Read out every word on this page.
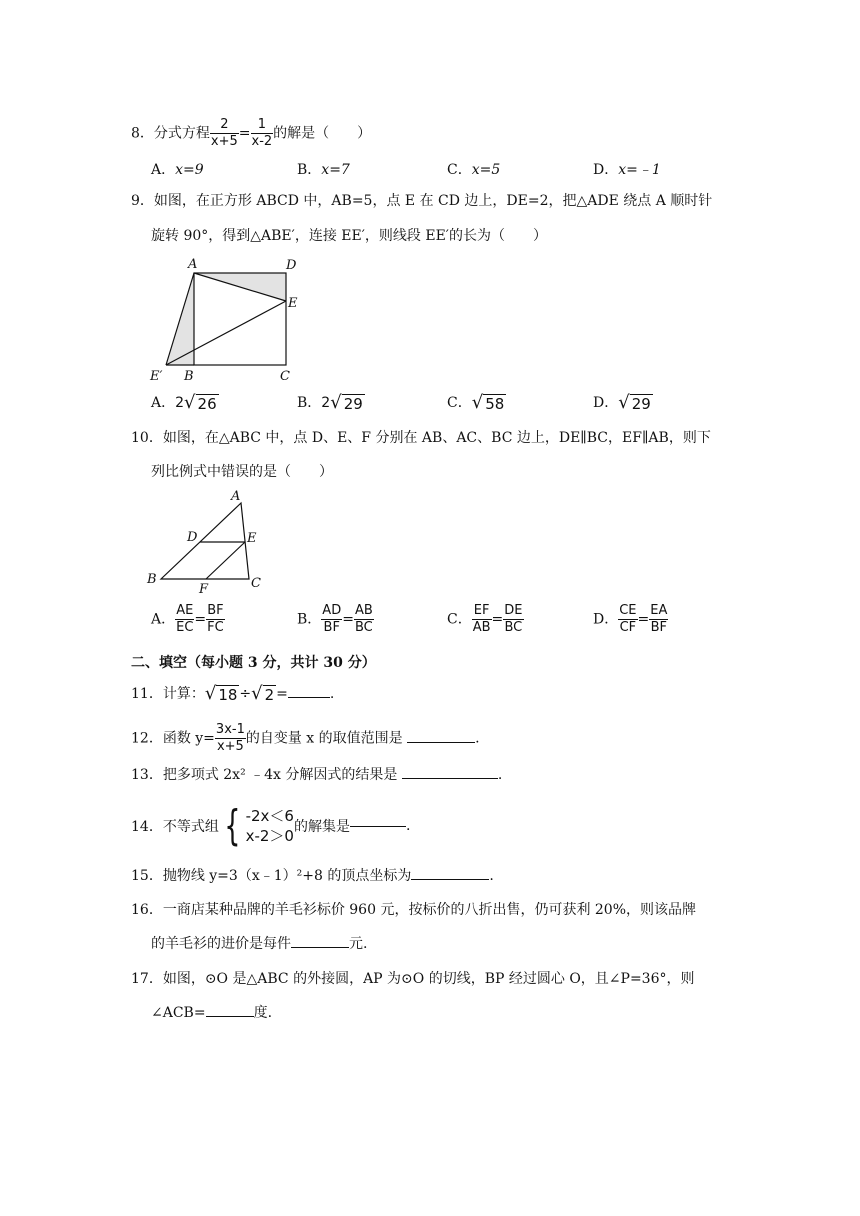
8．分式方程 $\frac{2}{x+5} = \frac{1}{x-2}$ 的解是（　　）
A．x=9	B．x=7	C．x=5	D．x=﹣1
9．如图，在正方形 ABCD 中，AB=5，点 E 在 CD 边上，DE=2，把△ADE 绕点 A 顺时针
旋转 90°，得到△ABE′，连接 EE′，则线段 EE′的长为（　　）
A	D
E
E′ B	C
A．2 √ 26	B．2 √ 29	C． √ 58	D． √ 29
10．如图，在△ABC 中，点 D、E、F 分别在 AB、AC、BC 边上，DE∥BC，EF∥AB，则下
列比例式中错误的是（　　）
A
D	E
B
F	C
A． $\frac{AE}{EC} = \frac{BF}{FC}$	B． $\frac{AD}{BF} = \frac{AB}{BC}$	C． $\frac{EF}{AB} = \frac{DE}{BC}$	D． $\frac{CE}{CF} = \frac{EA}{BF}$
二、填空（每小题 3 分，共计 30 分）
11．计算： √ 18 ÷ √ 2 =	.
12．函数 $y= \frac{3x-1}{x+5}$ 的自变量 x 的取值范围是	.
13．把多项式 2x² ﹣4x 分解因式的结果是	.
14． 不等式组 { -2x＜6
x-2＞0 的解集是	.
15．抛物线 y=3（x﹣1）²+8 的顶点坐标为	.
16．一商店某种品牌的羊毛衫标价 960 元，按标价的八折出售，仍可获利 20%，则该品牌
的羊毛衫的进价是每件	元.
17．如图，⊙O 是△ABC 的外接圆，AP 为⊙O 的切线，BP 经过圆心 O，且∠P=36°，则
∠ACB=	度.
